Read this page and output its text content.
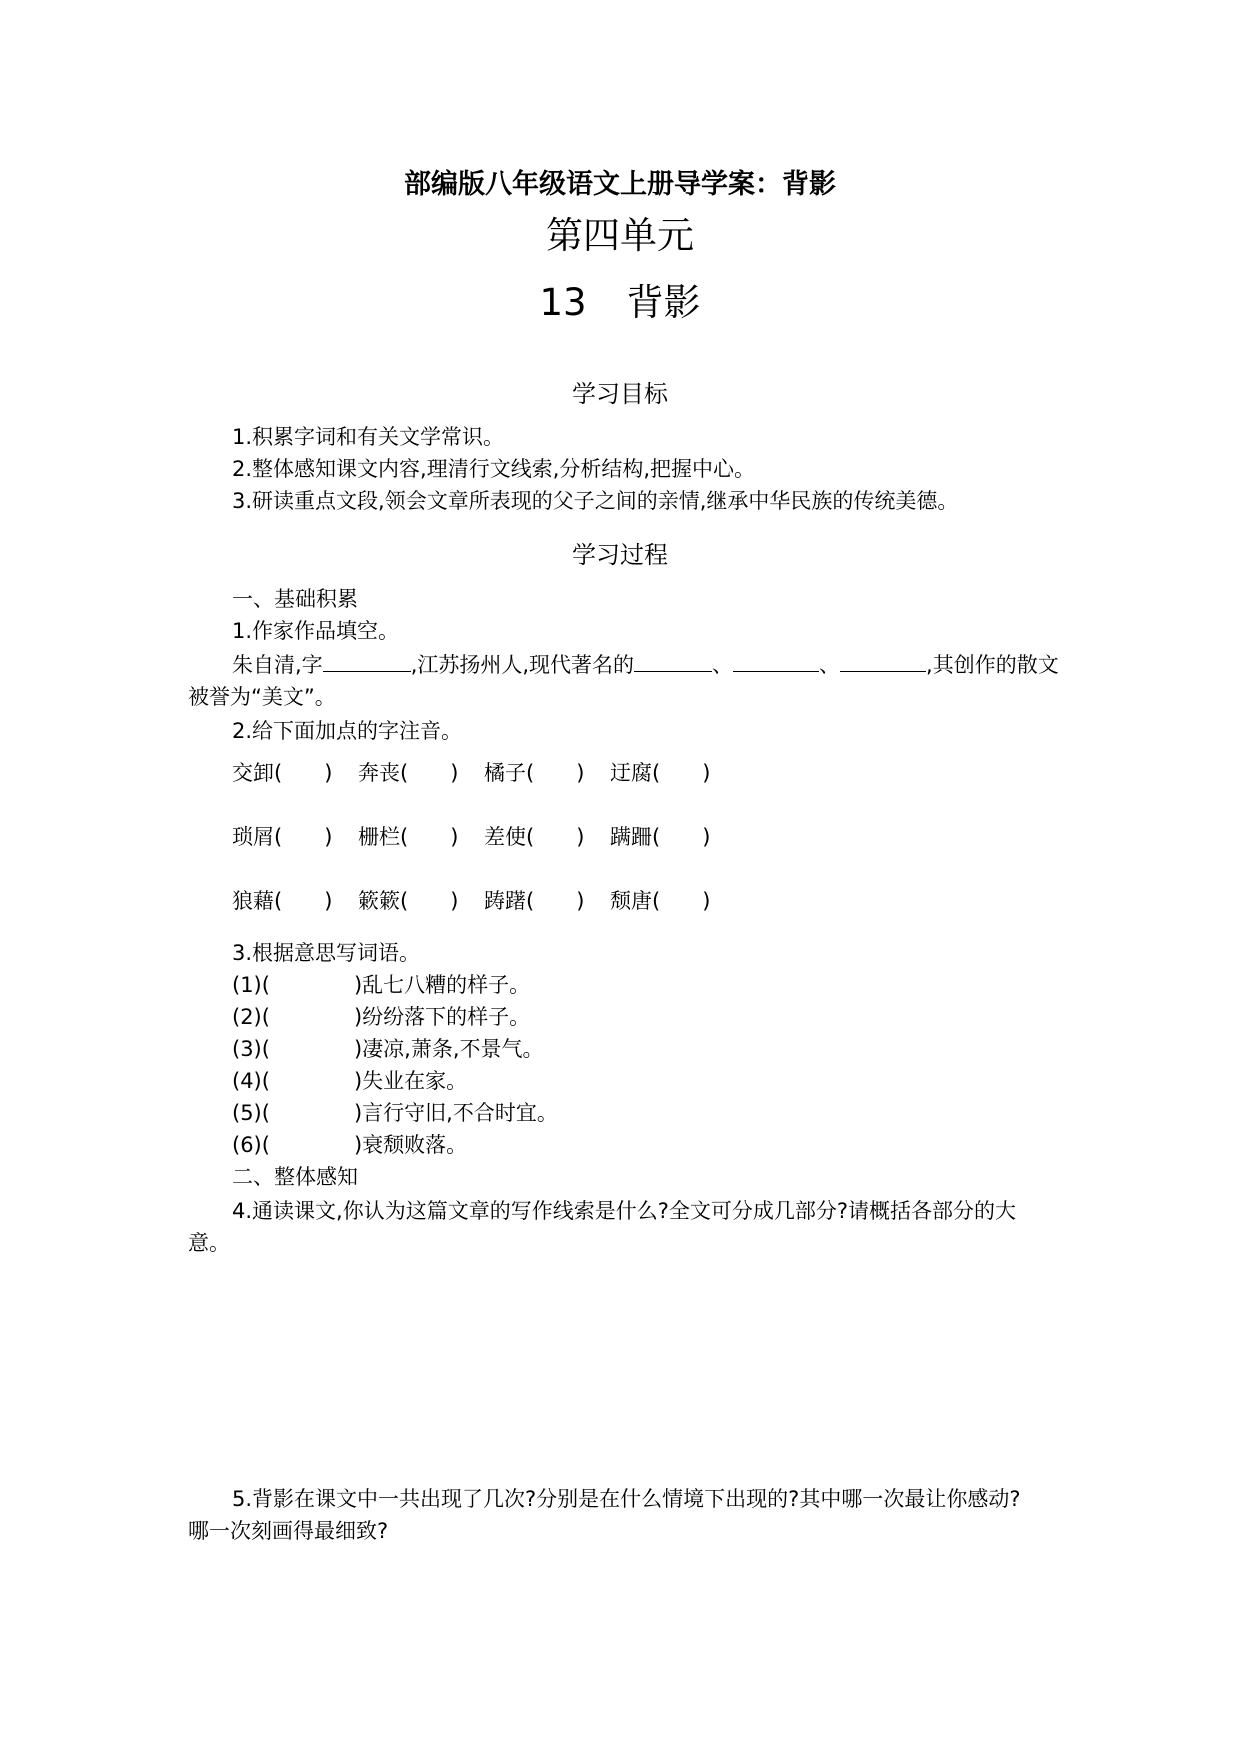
部编版八年级语文上册导学案：背影
第四单元
13 背影
学习目标
1.积累字词和有关文学常识。
2.整体感知课文内容,理清行文线索,分析结构,把握中心。
3.研读重点文段,领会文章所表现的父子之间的亲情,继承中华民族的传统美德。
学习过程
一、基础积累
1.作家作品填空。
朱自清,字	,江苏扬州人,现代著名的	、	、	,其创作的散文
被誉为“美文”。
2.给下面加点的字注音。
交卸( ) 奔丧( ) 橘子( ) 迂腐( )
琐屑( ) 栅栏( ) 差使( ) 蹒跚( )
狼藉( ) 簌簌( ) 踌躇( ) 颓唐( )
3.根据意思写词语。
(1)(	)乱七八糟的样子。
(2)(	)纷纷落下的样子。
(3)(	)凄凉,萧条,不景气。
(4)(	)失业在家。
(5)(	)言行守旧,不合时宜。
(6)(	)衰颓败落。
二、整体感知
4.通读课文,你认为这篇文章的写作线索是什么?全文可分成几部分?请概括各部分的大
意。
5.背影在课文中一共出现了几次?分别是在什么情境下出现的?其中哪一次最让你感动?
哪一次刻画得最细致?
